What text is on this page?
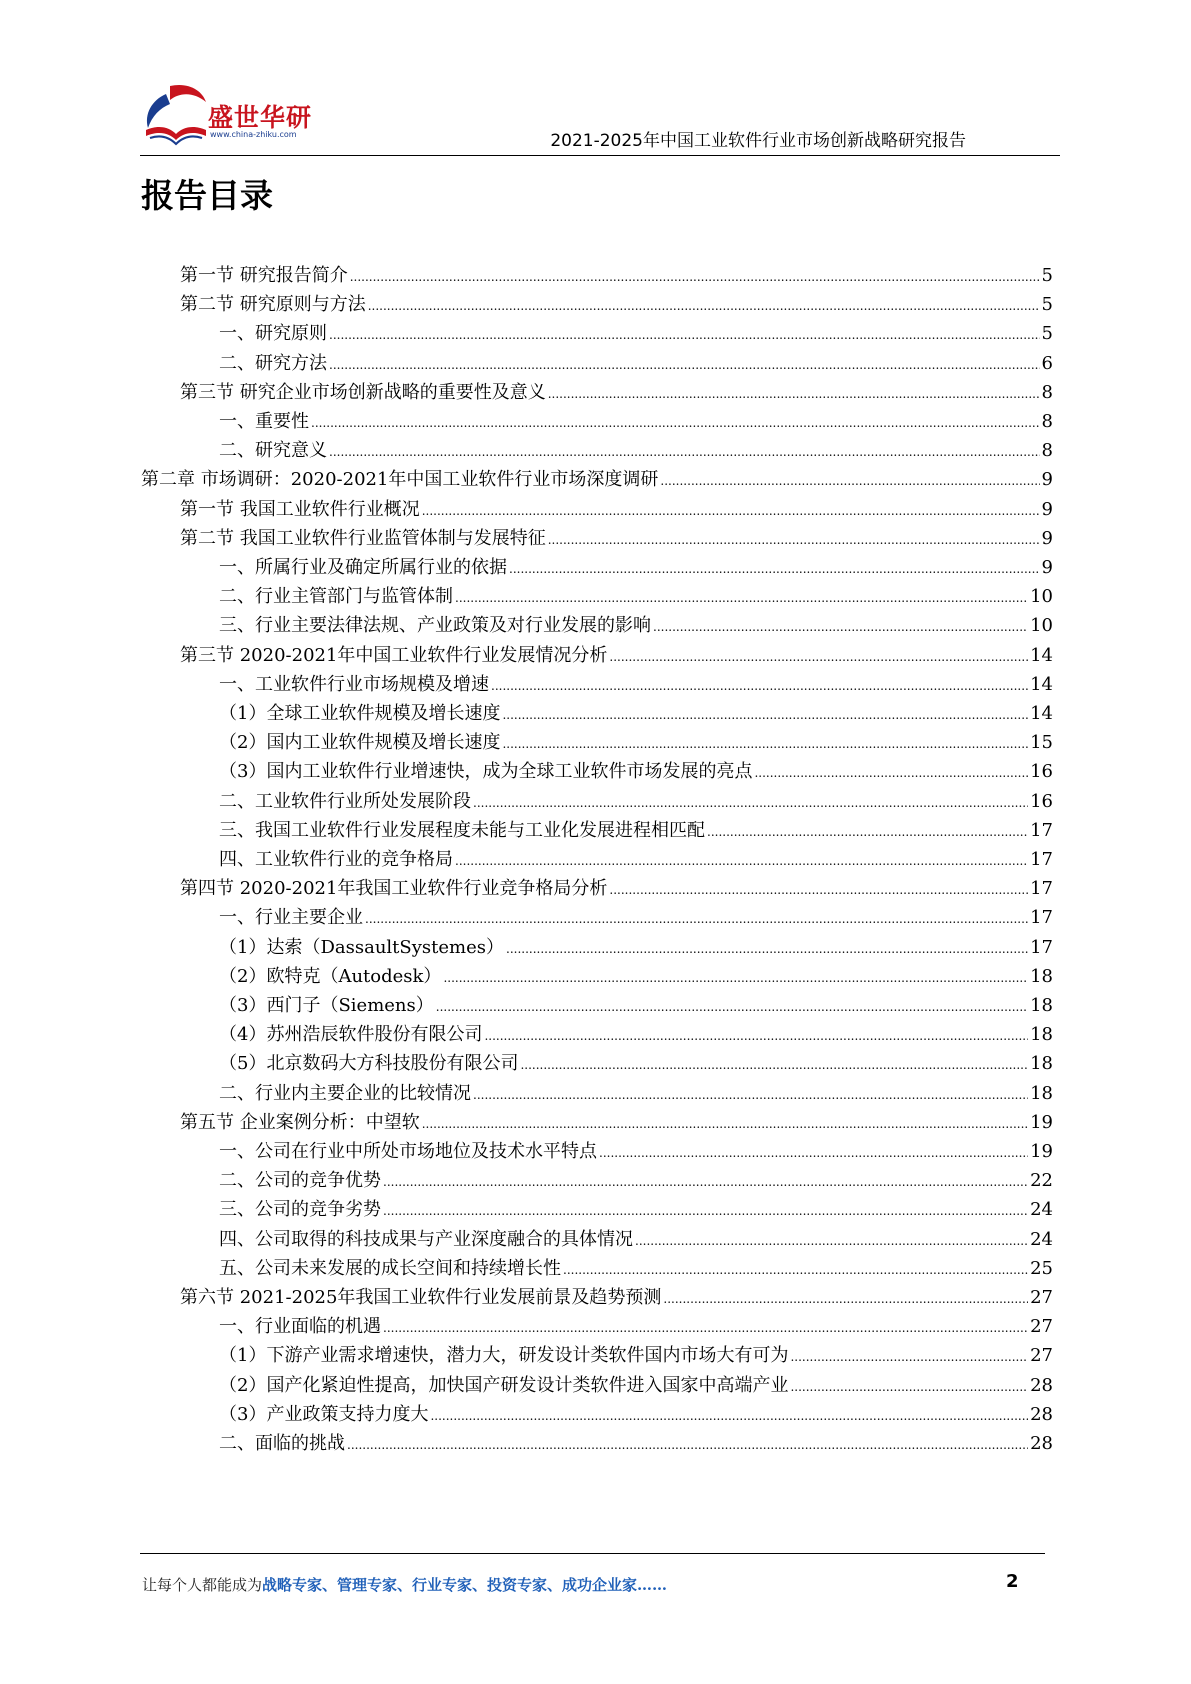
盛世华研
www.china-zhiku.com	2021-2025年中国工业软件行业市场创新战略研究报告
报告目录
第一节 研究报告简介 .....	5
第二节 研究原则与方法 .....	5
一、研究原则 .....	5
二、研究方法 .....	6
第三节 研究企业市场创新战略的重要性及意义 .....	8
一、重要性 .....	8
二、研究意义 .....	8
第二章 市场调研：2020-2021年中国工业软件行业市场深度调研 .....	9
第一节 我国工业软件行业概况 .....	9
第二节 我国工业软件行业监管体制与发展特征 .....	9
一、所属行业及确定所属行业的依据 .....	9
二、行业主管部门与监管体制 .....	10
三、行业主要法律法规、产业政策及对行业发展的影响 .....	10
第三节 2020-2021年中国工业软件行业发展情况分析 .....	14
一、工业软件行业市场规模及增速 .....	14
（1）全球工业软件规模及增长速度 .....	14
（2）国内工业软件规模及增长速度 .....	15
（3）国内工业软件行业增速快，成为全球工业软件市场发展的亮点 .....	16
二、工业软件行业所处发展阶段 .....	16
三、我国工业软件行业发展程度未能与工业化发展进程相匹配 .....	17
四、工业软件行业的竞争格局 .....	17
第四节 2020-2021年我国工业软件行业竞争格局分析 .....	17
一、行业主要企业 .....	17
（1）达索（DassaultSystemes） .....	17
（2）欧特克（Autodesk） .....	18
（3）西门子（Siemens） .....	18
（4）苏州浩辰软件股份有限公司 .....	18
（5）北京数码大方科技股份有限公司 .....	18
二、行业内主要企业的比较情况 .....	18
第五节 企业案例分析：中望软 .....	19
一、公司在行业中所处市场地位及技术水平特点 .....	19
二、公司的竞争优势 .....	22
三、公司的竞争劣势 .....	24
四、公司取得的科技成果与产业深度融合的具体情况 .....	24
五、公司未来发展的成长空间和持续增长性 .....	25
第六节 2021-2025年我国工业软件行业发展前景及趋势预测 .....	27
一、行业面临的机遇 .....	27
（1）下游产业需求增速快，潜力大，研发设计类软件国内市场大有可为 .....	27
（2）国产化紧迫性提高，加快国产研发设计类软件进入国家中高端产业 .....	28
（3）产业政策支持力度大 .....	28
二、面临的挑战 .....	28
让每个人都能成为战略专家、管理专家、行业专家、投资专家、成功企业家……	2
